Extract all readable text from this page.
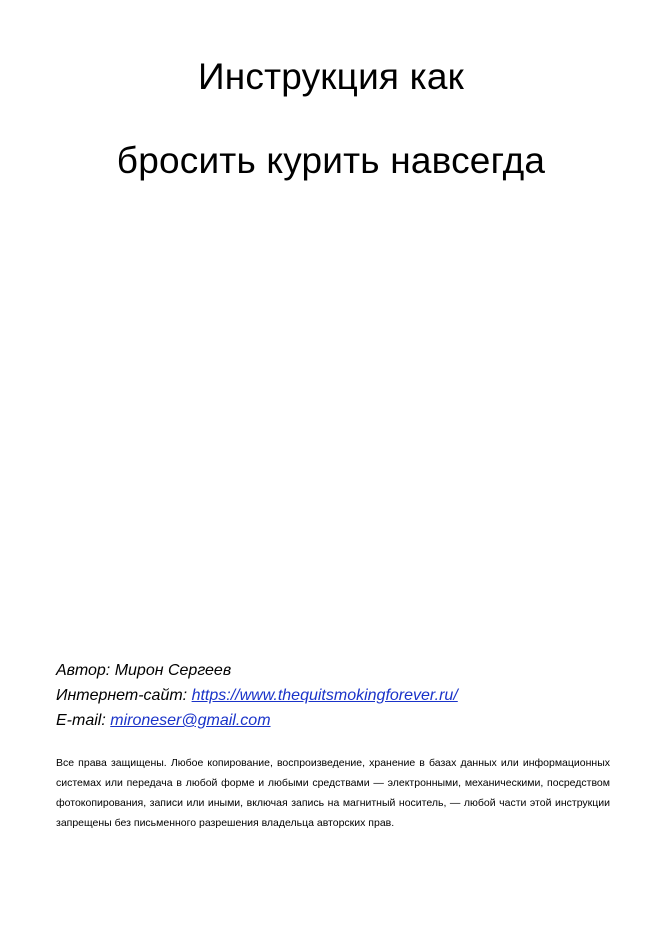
Инструкция как
бросить курить навсегда
Автор: Мирон Сергеев
Интернет-сайт: https://www.thequitsmokingforever.ru/
E-mail: mironeser@gmail.com
Все права защищены. Любое копирование, воспроизведение, хранение в базах данных или информационных системах или передача в любой форме и любыми средствами — электронными, механическими, посредством фотокопирования, записи или иными, включая запись на магнитный носитель, — любой части этой инструкции запрещены без письменного разрешения владельца авторских прав.
